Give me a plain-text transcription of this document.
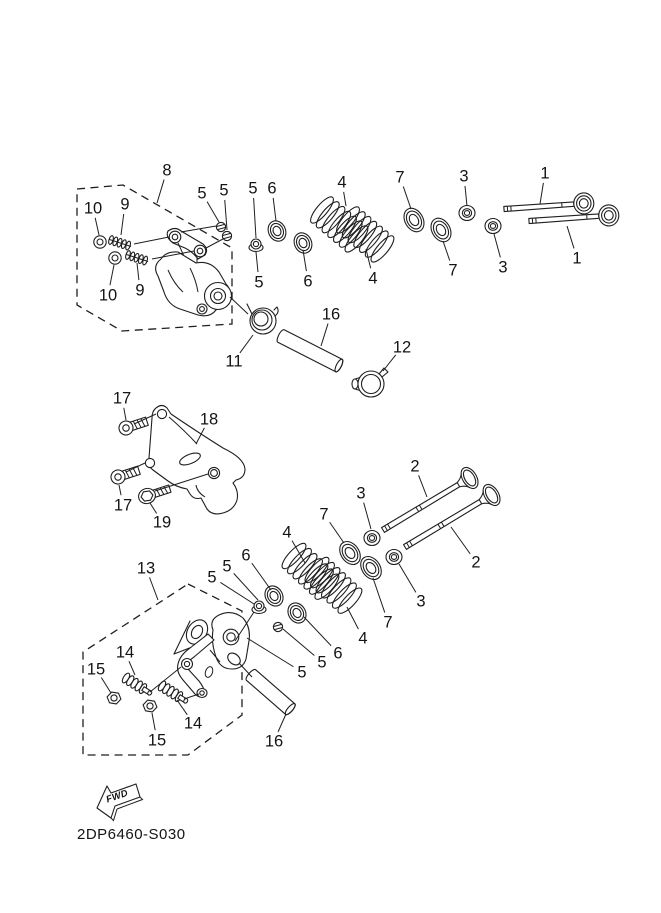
8
10 9
5 5 5 6	4	7	3	1
10 9	5 6	4	7 3	1
11
16
12
17
18
17
19
2
3
2
3
7
4
7
4
6
5
5
13	5
5
6
14
15
14
15	16
FWD
2DP6460-S030
